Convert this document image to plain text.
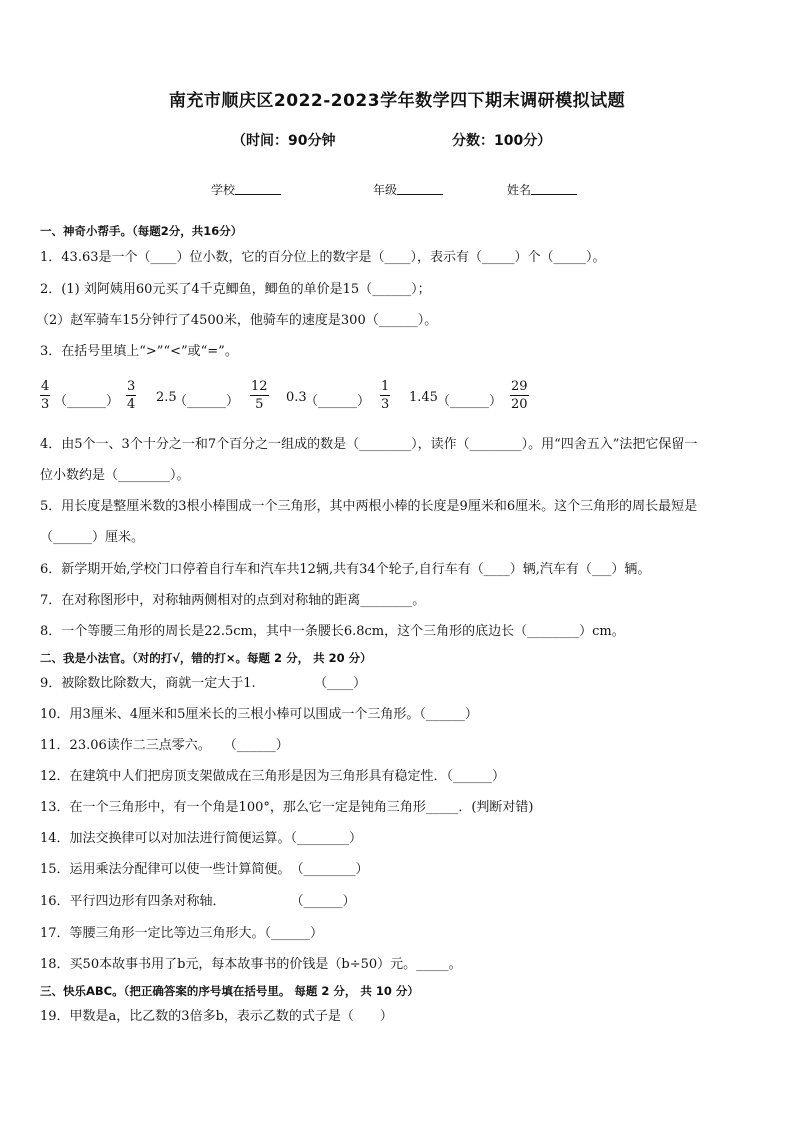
南充市顺庆区2022-2023学年数学四下期末调研模拟试题
（时间：90分钟	分数：100分）
学校	年级	姓名
一、神奇小帮手。（每题2分，共16分）
1．43.63是一个（____）位小数，它的百分位上的数字是（____），表示有（_____）个（_____）。
2．(1) 刘阿姨用60元买了4千克鲫鱼，鲫鱼的单价是15（______）；
（2）赵军骑车15分钟行了4500米，他骑车的速度是300（______）。
3．在括号里填上“>”“<”或“=”。
4
3 （______）
3
4 2.5
（______）
12
5 0.3
（______）
1
3 1.45 （______）
29
20
4．由5个一、3个十分之一和7个百分之一组成的数是（________），读作（________）。用“四舍五入”法把它保留一
位小数约是（________）。
5．用长度是整厘米数的3根小棒围成一个三角形，其中两根小棒的长度是9厘米和6厘米。这个三角形的周长最短是
（______）厘米。
6．新学期开始,学校门口停着自行车和汽车共12辆,共有34个轮子,自行车有（____）辆,汽车有（___）辆。
7．在对称图形中，对称轴两侧相对的点到对称轴的距离________。
8．一个等腰三角形的周长是22.5cm，其中一条腰长6.8cm，这个三角形的底边长（________）cm。
二、我是小法官。（对的打√，错的打×。每题 2 分， 共 20 分）
9．被除数比除数大，商就一定大于1.　　　　　（____）
10．用3厘米、4厘米和5厘米长的三根小棒可以围成一个三角形。（______）
11．23.06读作二三点零六。　　（______）
12．在建筑中人们把房顶支架做成在三角形是因为三角形具有稳定性．（______）
13．在一个三角形中，有一个角是100°，那么它一定是钝角三角形_____．(判断对错)
14．加法交换律可以对加法进行简便运算。（________）
15．运用乘法分配律可以使一些计算简便。　（________）
16．平行四边形有四条对称轴．　　　　　　（______）
17．等腰三角形一定比等边三角形大。（______）
18．买50本故事书用了b元，每本故事书的价钱是（b÷50）元。_____。
三、快乐ABC。（把正确答案的序号填在括号里。 每题 2 分， 共 10 分）
19．甲数是a，比乙数的3倍多b，表示乙数的式子是（　　）
